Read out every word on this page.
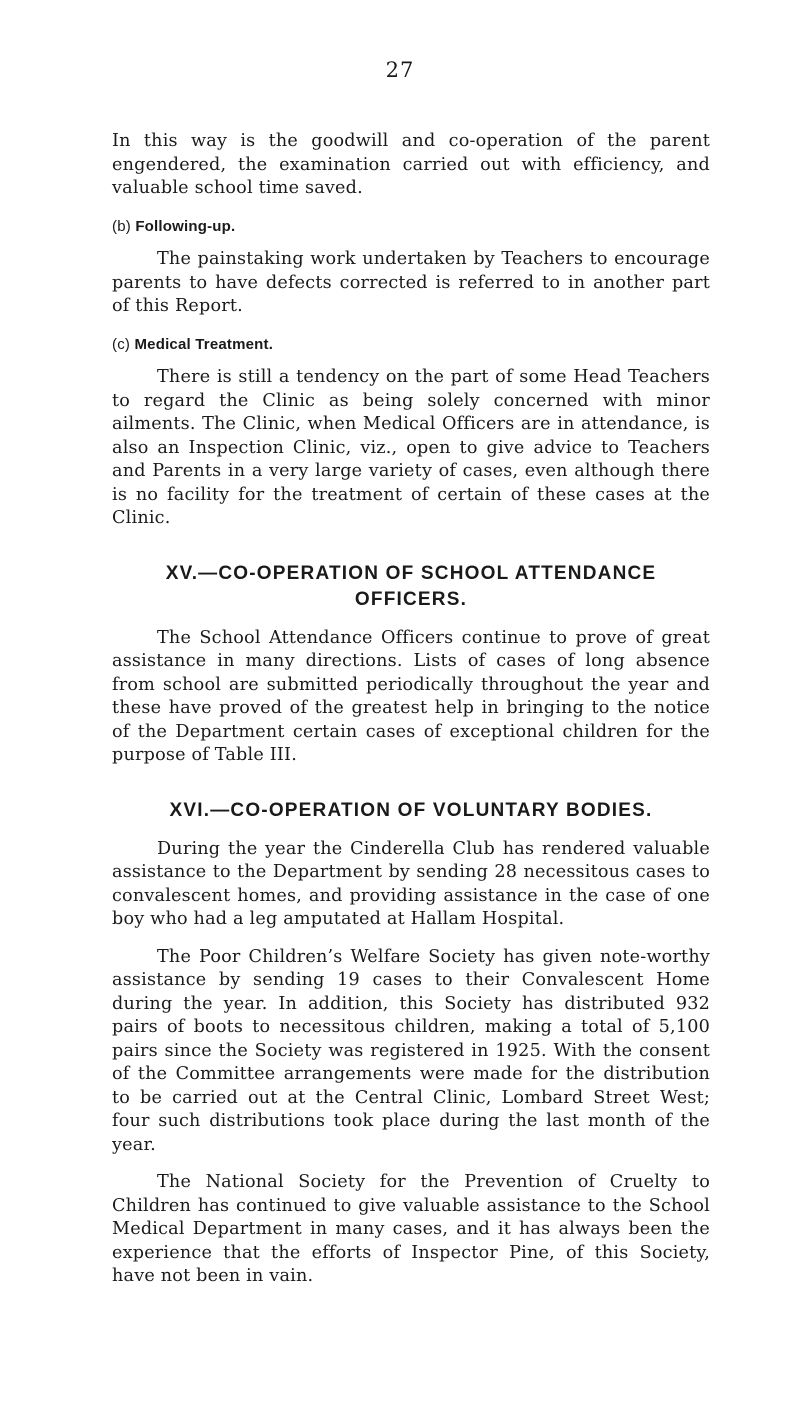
27

In this way is the goodwill and co-operation of the parent engendered, the examination carried out with efficiency, and valuable school time saved.

(b) Following-up.

The painstaking work undertaken by Teachers to encourage parents to have defects corrected is referred to in another part of this Report.

(c) Medical Treatment.

There is still a tendency on the part of some Head Teachers to regard the Clinic as being solely concerned with minor ailments. The Clinic, when Medical Officers are in attendance, is also an Inspection Clinic, viz., open to give advice to Teachers and Parents in a very large variety of cases, even although there is no facility for the treatment of certain of these cases at the Clinic.

XV.—CO-OPERATION OF SCHOOL ATTENDANCE OFFICERS.

The School Attendance Officers continue to prove of great assistance in many directions. Lists of cases of long absence from school are submitted periodically throughout the year and these have proved of the greatest help in bringing to the notice of the Department certain cases of exceptional children for the purpose of Table III.

XVI.—CO-OPERATION OF VOLUNTARY BODIES.

During the year the Cinderella Club has rendered valuable assistance to the Department by sending 28 necessitous cases to convalescent homes, and providing assistance in the case of one boy who had a leg amputated at Hallam Hospital.

The Poor Children’s Welfare Society has given note-worthy assistance by sending 19 cases to their Convalescent Home during the year. In addition, this Society has distributed 932 pairs of boots to necessitous children, making a total of 5,100 pairs since the Society was registered in 1925. With the consent of the Committee arrangements were made for the distribution to be carried out at the Central Clinic, Lombard Street West; four such distributions took place during the last month of the year.

The National Society for the Prevention of Cruelty to Children has continued to give valuable assistance to the School Medical Department in many cases, and it has always been the experience that the efforts of Inspector Pine, of this Society, have not been in vain.
